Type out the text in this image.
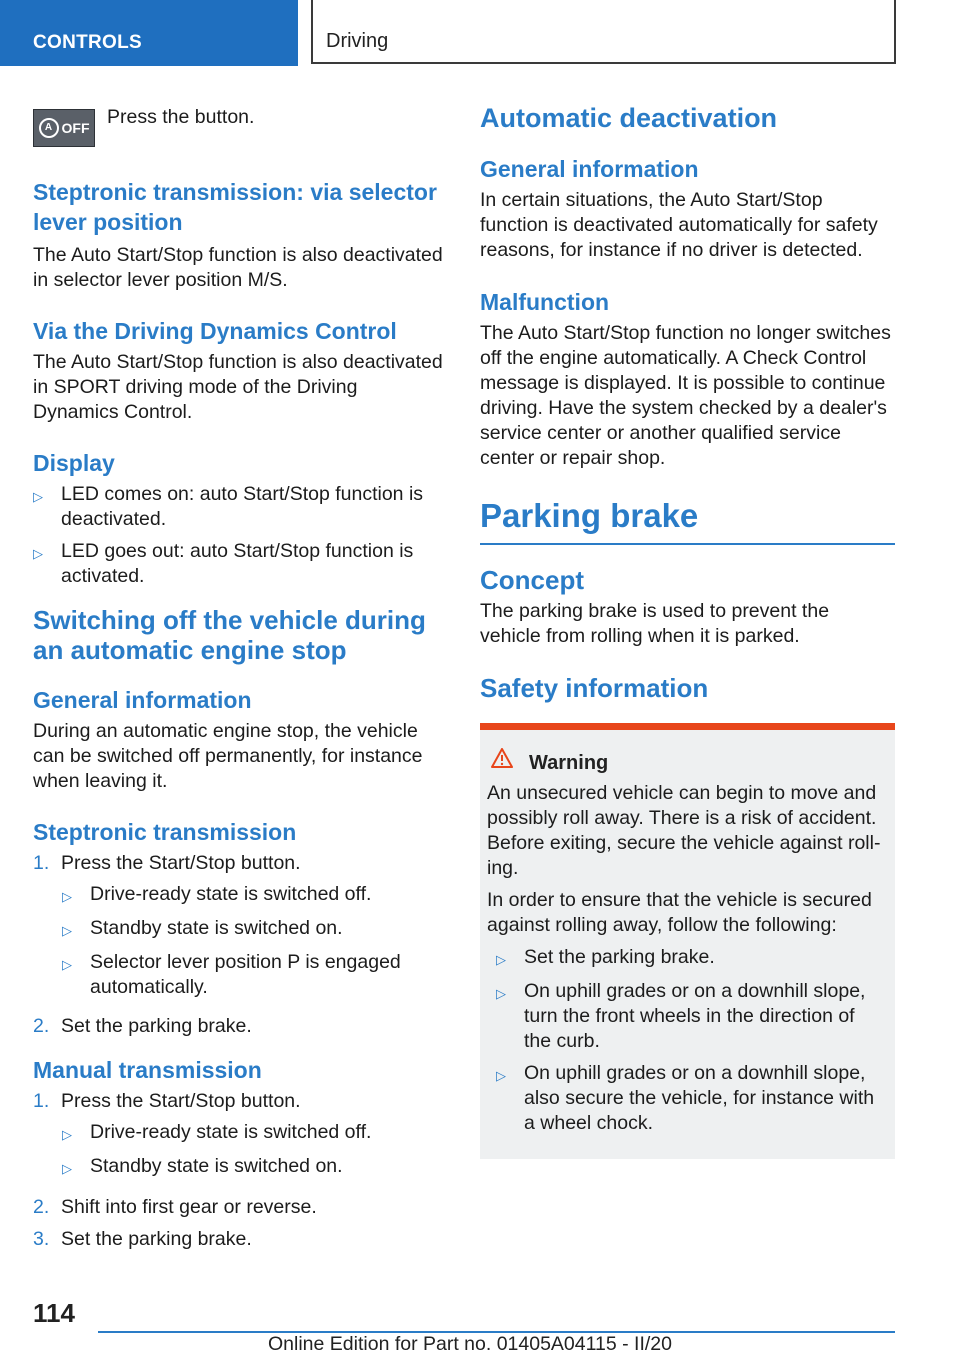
CONTROLS	Driving
A OFF Press the button.

Steptronic transmission: via selector lever position

The Auto Start/Stop function is also deactivated in selector lever position M/S.

Via the Driving Dynamics Control

The Auto Start/Stop function is also deactivated in SPORT driving mode of the Driving Dynamics Control.

Display
▷ LED comes on: auto Start/Stop function is deactivated.
▷ LED goes out: auto Start/Stop function is activated.
Switching off the vehicle during an automatic engine stop
General information

During an automatic engine stop, the vehicle can be switched off permanently, for instance when leaving it.

Steptronic transmission
1. Press the Start/Stop button.
▷ Drive-ready state is switched off.
▷ Standby state is switched on.
▷ Selector lever position P is engaged automatically.
2. Set the parking brake.
Manual transmission
1. Press the Start/Stop button.
▷ Drive-ready state is switched off.
▷ Standby state is switched on.
2. Shift into first gear or reverse.
3. Set the parking brake.
Automatic deactivation
General information

In certain situations, the Auto Start/Stop function is deactivated automatically for safety reasons, for instance if no driver is detected.

Malfunction

The Auto Start/Stop function no longer switches off the engine automatically. A Check Control message is displayed. It is possible to continue driving. Have the system checked by a dealer's service center or another qualified service center or repair shop.

Parking brake
Concept

The parking brake is used to prevent the vehicle from rolling when it is parked.

Safety information
Warning

An unsecured vehicle can begin to move and possibly roll away. There is a risk of accident. Before exiting, secure the vehicle against rolling.

In order to ensure that the vehicle is secured against rolling away, follow the following:

▷ Set the parking brake.
▷ On uphill grades or on a downhill slope, turn the front wheels in the direction of the curb.
▷ On uphill grades or on a downhill slope, also secure the vehicle, for instance with a wheel chock.
114
Online Edition for Part no. 01405A04115 - II/20
